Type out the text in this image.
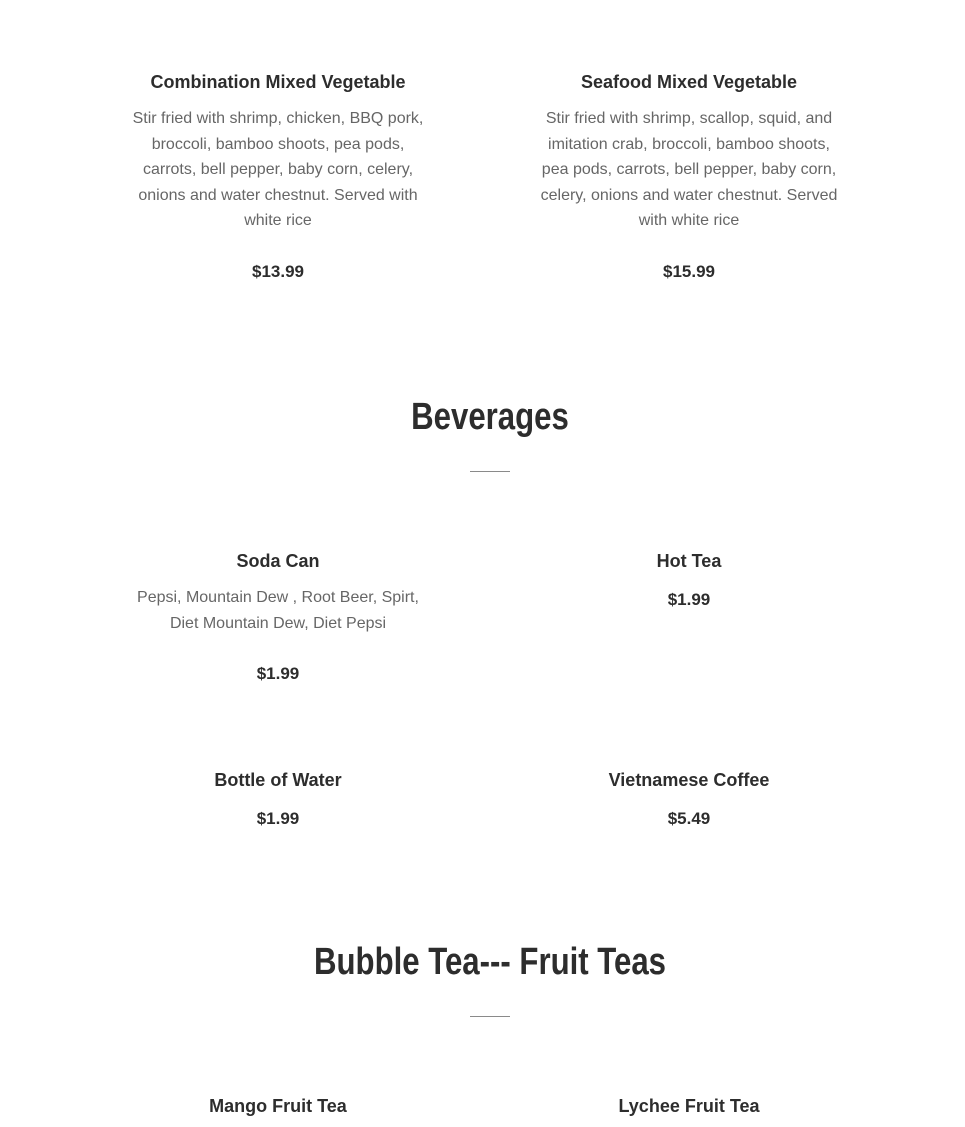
Combination Mixed Vegetable

Stir fried with shrimp, chicken, BBQ pork,
broccoli, bamboo shoots, pea pods,
carrots, bell pepper, baby corn, celery,
onions and water chestnut. Served with
white rice

$13.99

Seafood Mixed Vegetable

Stir fried with shrimp, scallop, squid, and
imitation crab, broccoli, bamboo shoots,
pea pods, carrots, bell pepper, baby corn,
celery, onions and water chestnut. Served
with white rice

$15.99

Beverages

Soda Can

Pepsi, Mountain Dew , Root Beer, Spirt,
Diet Mountain Dew, Diet Pepsi

$1.99

Hot Tea

$1.99

Bottle of Water

$1.99

Vietnamese Coffee

$5.49

Bubble Tea--- Fruit Teas

Mango Fruit Tea	Lychee Fruit Tea
